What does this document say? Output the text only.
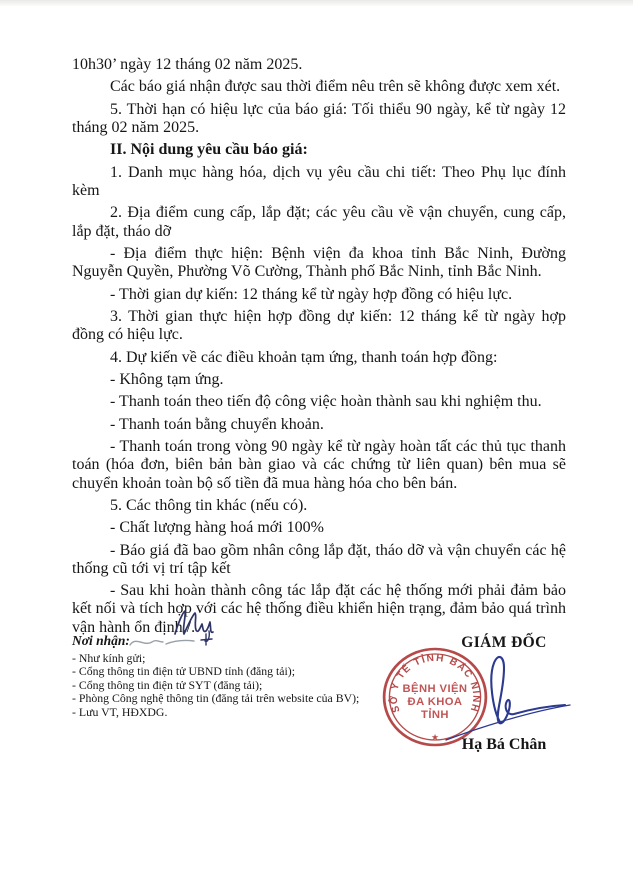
10h30’ ngày 12 tháng 02 năm 2025.

Các báo giá nhận được sau thời điểm nêu trên sẽ không được xem xét.

5. Thời hạn có hiệu lực của báo giá: Tối thiểu 90 ngày, kể từ ngày 12 tháng 02 năm 2025.

II. Nội dung yêu cầu báo giá:

1. Danh mục hàng hóa, dịch vụ yêu cầu chi tiết: Theo Phụ lục đính kèm

2. Địa điểm cung cấp, lắp đặt; các yêu cầu về vận chuyển, cung cấp, lắp đặt, tháo dỡ

- Địa điểm thực hiện: Bệnh viện đa khoa tỉnh Bắc Ninh, Đường Nguyễn Quyền, Phường Võ Cường, Thành phố Bắc Ninh, tỉnh Bắc Ninh.

- Thời gian dự kiến: 12 tháng kể từ ngày hợp đồng có hiệu lực.

3. Thời gian thực hiện hợp đồng dự kiến: 12 tháng kể từ ngày hợp đồng có hiệu lực.

4. Dự kiến về các điều khoản tạm ứng, thanh toán hợp đồng:

- Không tạm ứng.

- Thanh toán theo tiến độ công việc hoàn thành sau khi nghiệm thu.

- Thanh toán bằng chuyển khoản.

- Thanh toán trong vòng 90 ngày kể từ ngày hoàn tất các thủ tục thanh toán (hóa đơn, biên bản bàn giao và các chứng từ liên quan) bên mua sẽ chuyển khoản toàn bộ số tiền đã mua hàng hóa cho bên bán.

5. Các thông tin khác (nếu có).

- Chất lượng hàng hoá mới 100%

- Báo giá đã bao gồm nhân công lắp đặt, tháo dỡ và vận chuyển các hệ thống cũ tới vị trí tập kết

- Sau khi hoàn thành công tác lắp đặt các hệ thống mới phải đảm bảo kết nối và tích hợp với các hệ thống điều khiển hiện trạng, đảm bảo quá trình vận hành ổn định./.

Nơi nhận:
- Như kính gửi;
- Cổng thông tin điện tử UBND tỉnh (đăng tải);
- Cổng thông tin điện tử SYT (đăng tải);
- Phòng Công nghệ thông tin (đăng tải trên website của BV);
- Lưu VT, HĐXDG.
GIÁM ĐỐC
SỞ Y TẾ TỈNH BẮC NINH
★
BỆNH VIỆN
ĐA KHOA
TỈNH
Hạ Bá Chân
